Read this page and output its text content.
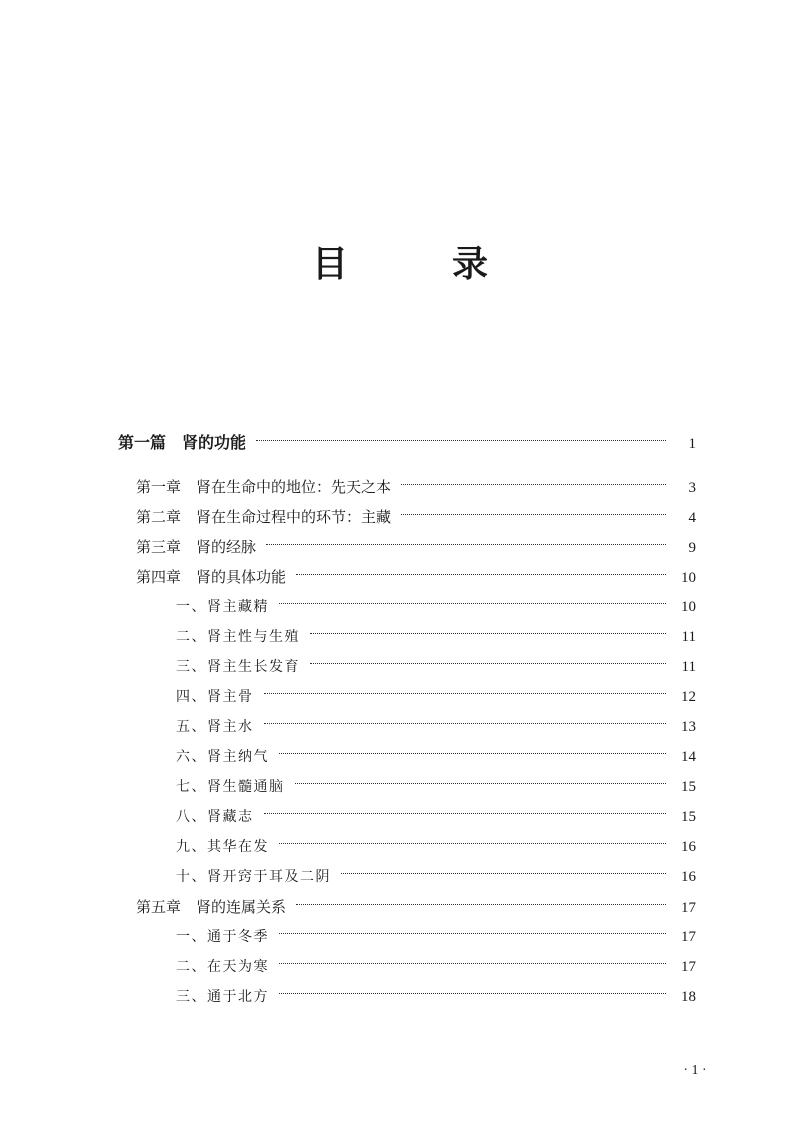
目　录
第一篇　肾的功能	1
第一章　肾在生命中的地位：先天之本	3
第二章　肾在生命过程中的环节：主藏	4
第三章　肾的经脉	9
第四章　肾的具体功能	10
一、肾主藏精	10
二、肾主性与生殖	11
三、肾主生长发育	11
四、肾主骨	12
五、肾主水	13
六、肾主纳气	14
七、肾生髓通脑	15
八、肾藏志	15
九、其华在发	16
十、肾开窍于耳及二阴	16
第五章　肾的连属关系	17
一、通于冬季	17
二、在天为寒	17
三、通于北方	18
· 1 ·
